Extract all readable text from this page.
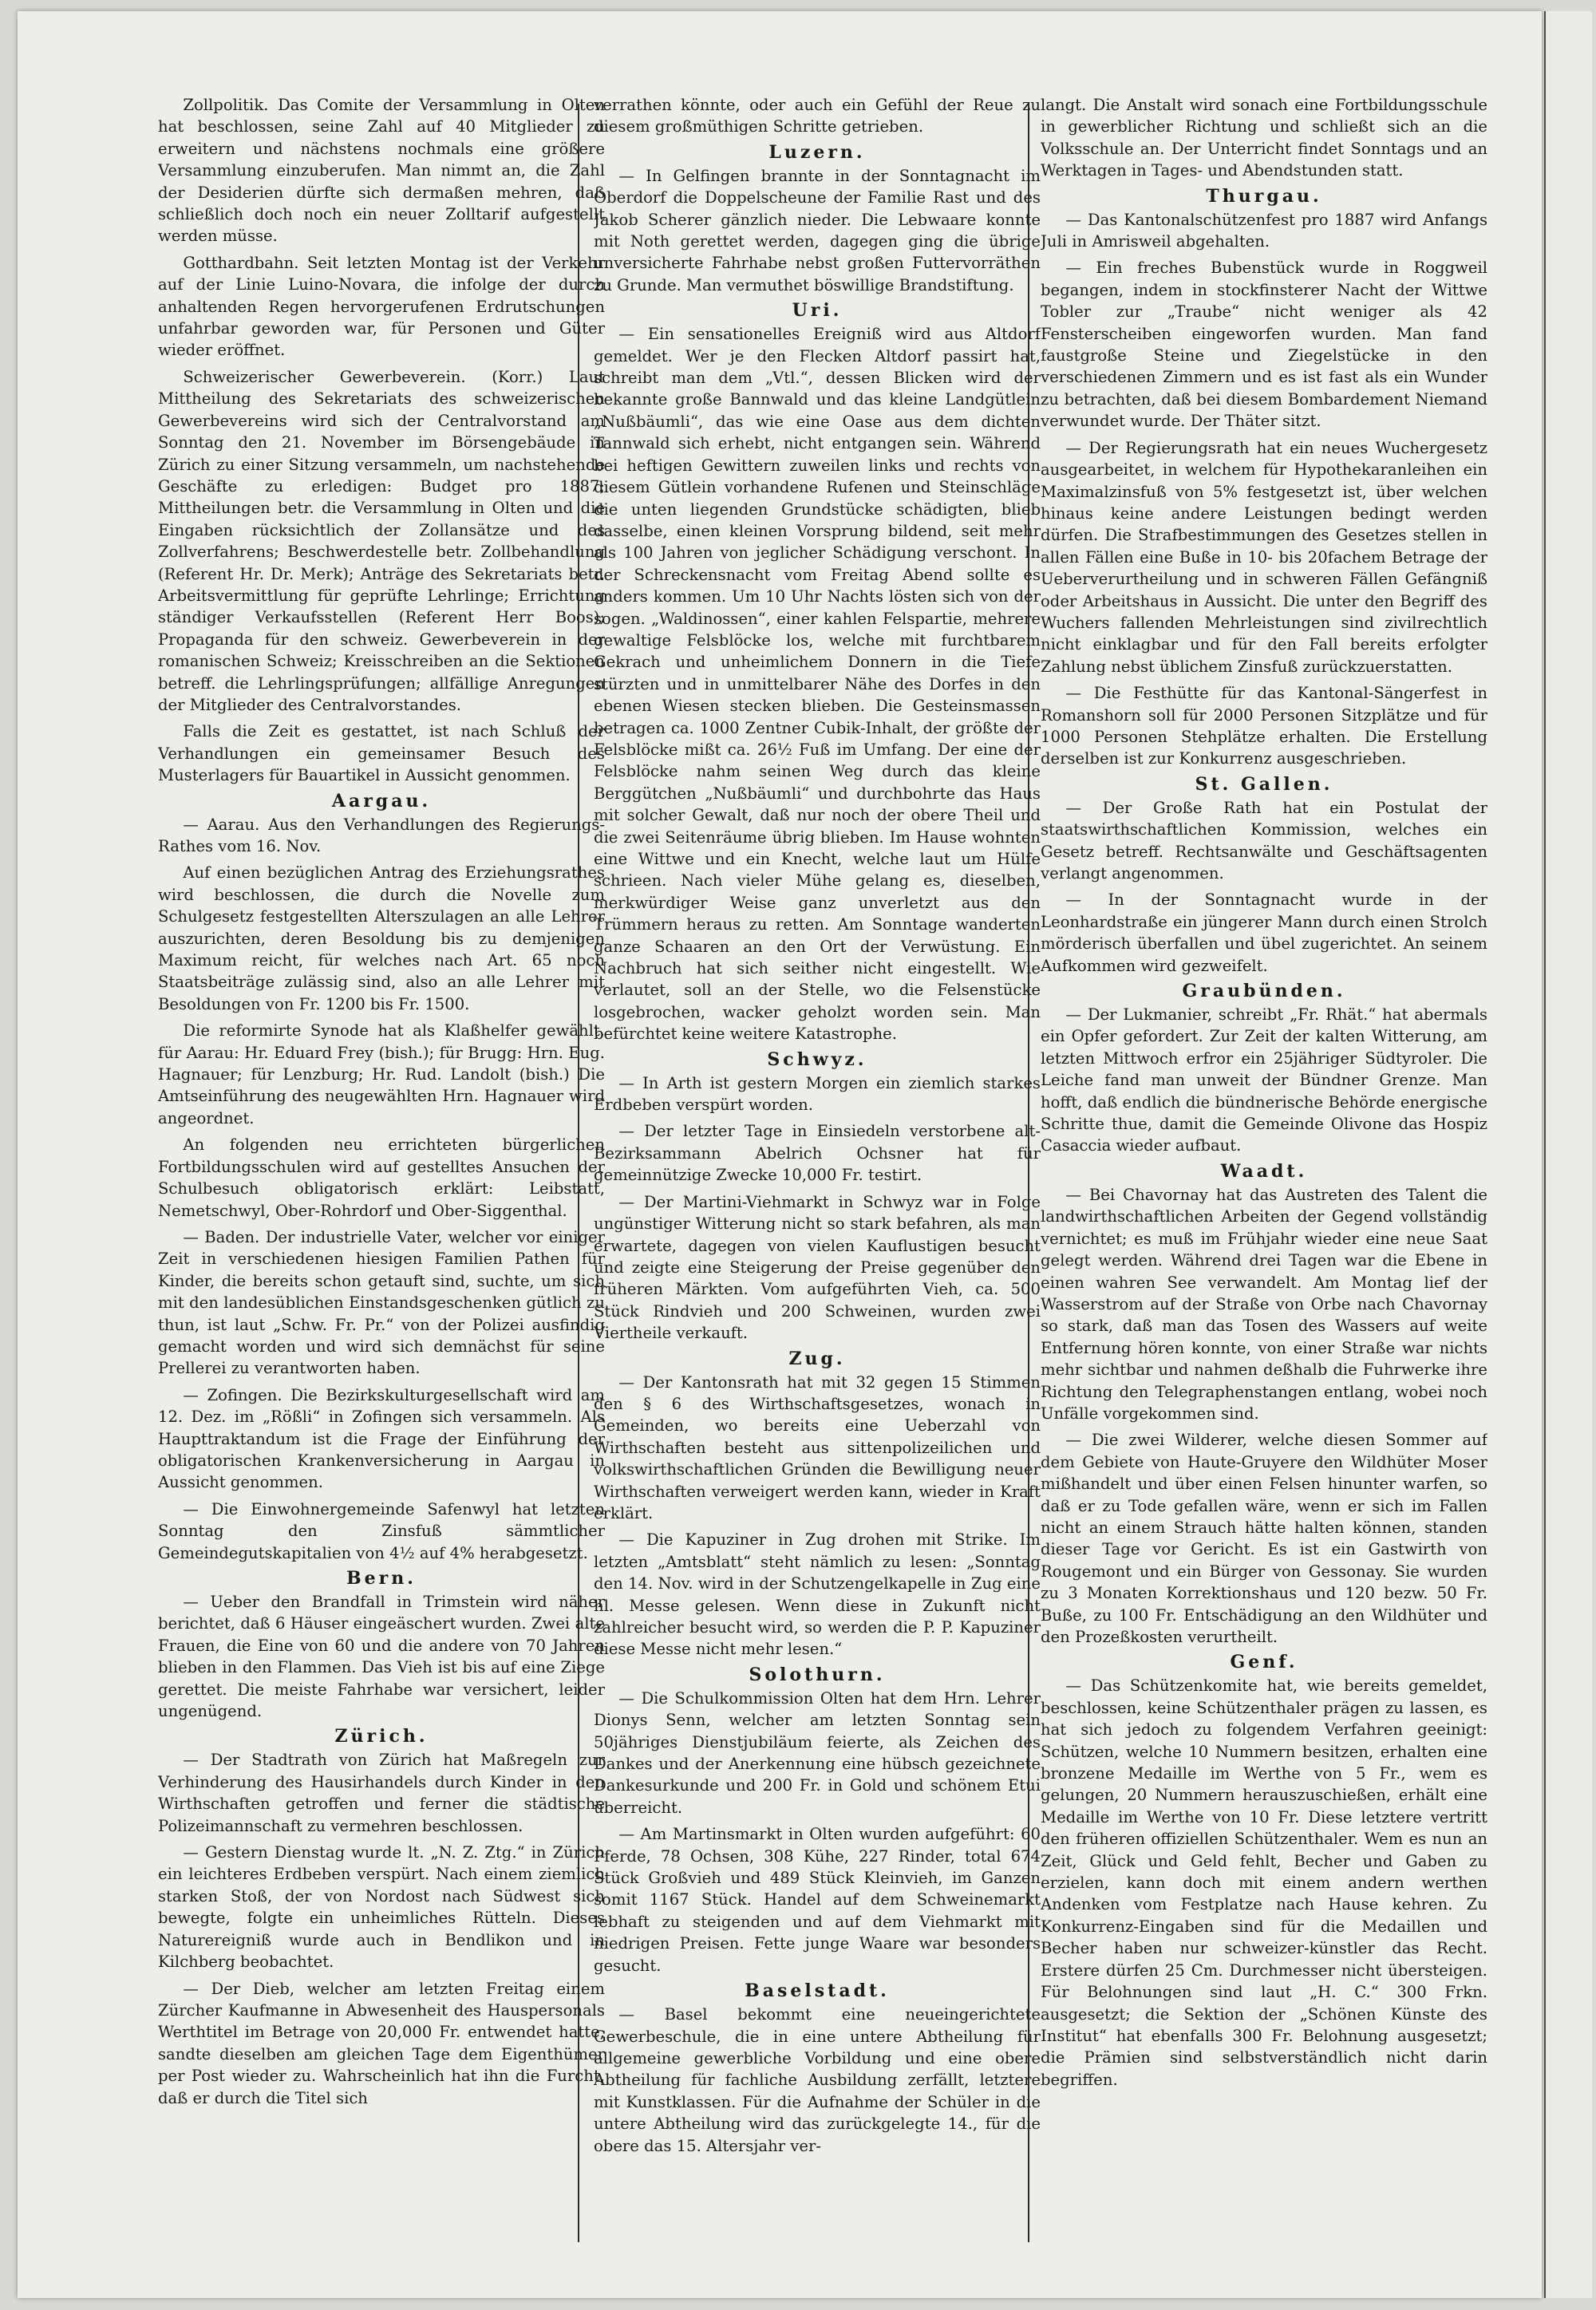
Zollpolitik. Das Comite der Versammlung in Olten hat beschlossen, seine Zahl auf 40 Mitglieder zu erweitern und nächstens nochmals eine größere Versammlung einzuberufen. Man nimmt an, die Zahl der Desiderien dürfte sich dermaßen mehren, daß schließlich doch noch ein neuer Zolltarif aufgestellt werden müsse.

Gotthardbahn. Seit letzten Montag ist der Verkehr auf der Linie Luino-Novara, die infolge der durch anhaltenden Regen hervorgerufenen Erdrutschungen unfahrbar geworden war, für Personen und Güter wieder eröffnet.

Schweizerischer Gewerbeverein. (Korr.) Laut Mittheilung des Sekretariats des schweizerischen Gewerbevereins wird sich der Centralvorstand am Sonntag den 21. November im Börsengebäude in Zürich zu einer Sitzung versammeln, um nachstehende Geschäfte zu erledigen: Budget pro 1887; Mittheilungen betr. die Versammlung in Olten und die Eingaben rücksichtlich der Zollansätze und des Zollverfahrens; Beschwerdestelle betr. Zollbehandlung (Referent Hr. Dr. Merk); Anträge des Sekretariats betr. Arbeitsvermittlung für geprüfte Lehrlinge; Errichtung ständiger Verkaufsstellen (Referent Herr Boos); Propaganda für den schweiz. Gewerbeverein in der romanischen Schweiz; Kreisschreiben an die Sektionen betreff. die Lehrlingsprüfungen; allfällige Anregungen der Mitglieder des Centralvorstandes.

Falls die Zeit es gestattet, ist nach Schluß der Verhandlungen ein gemeinsamer Besuch des Musterlagers für Bauartikel in Aussicht genommen.

Aargau.

— Aarau. Aus den Verhandlungen des Regierungs-Rathes vom 16. Nov.

Auf einen bezüglichen Antrag des Erziehungsrathes wird beschlossen, die durch die Novelle zum Schulgesetz festgestellten Alterszulagen an alle Lehrer auszurichten, deren Besoldung bis zu demjenigen Maximum reicht, für welches nach Art. 65 noch Staatsbeiträge zulässig sind, also an alle Lehrer mit Besoldungen von Fr. 1200 bis Fr. 1500.

Die reformirte Synode hat als Klaßhelfer gewählt, für Aarau: Hr. Eduard Frey (bish.); für Brugg: Hrn. Eug. Hagnauer; für Lenzburg; Hr. Rud. Landolt (bish.) Die Amtseinführung des neugewählten Hrn. Hagnauer wird angeordnet.

An folgenden neu errichteten bürgerlichen Fortbildungsschulen wird auf gestelltes Ansuchen der Schulbesuch obligatorisch erklärt: Leibstatt, Nemetschwyl, Ober-Rohrdorf und Ober-Siggenthal.

— Baden. Der industrielle Vater, welcher vor einiger Zeit in verschiedenen hiesigen Familien Pathen für Kinder, die bereits schon getauft sind, suchte, um sich mit den landesüblichen Einstandsgeschenken gütlich zu thun, ist laut „Schw. Fr. Pr.“ von der Polizei ausfindig gemacht worden und wird sich demnächst für seine Prellerei zu verantworten haben.

— Zofingen. Die Bezirkskulturgesellschaft wird am 12. Dez. im „Rößli“ in Zofingen sich versammeln. Als Haupttraktandum ist die Frage der Einführung der obligatorischen Krankenversicherung in Aargau in Aussicht genommen.

— Die Einwohnergemeinde Safenwyl hat letzten Sonntag den Zinsfuß sämmtlicher Gemeindegutskapitalien von 4½ auf 4% herabgesetzt.

Bern.

— Ueber den Brandfall in Trimstein wird näher berichtet, daß 6 Häuser eingeäschert wurden. Zwei alte Frauen, die Eine von 60 und die andere von 70 Jahren blieben in den Flammen. Das Vieh ist bis auf eine Ziege gerettet. Die meiste Fahrhabe war versichert, leider ungenügend.

Zürich.

— Der Stadtrath von Zürich hat Maßregeln zur Verhinderung des Hausirhandels durch Kinder in den Wirthschaften getroffen und ferner die städtische Polizeimannschaft zu vermehren beschlossen.

— Gestern Dienstag wurde lt. „N. Z. Ztg.“ in Zürich ein leichteres Erdbeben verspürt. Nach einem ziemlich starken Stoß, der von Nordost nach Südwest sich bewegte, folgte ein unheimliches Rütteln. Dieses Naturereigniß wurde auch in Bendlikon und in Kilchberg beobachtet.

— Der Dieb, welcher am letzten Freitag einem Zürcher Kaufmanne in Abwesenheit des Hauspersonals Werthtitel im Betrage von 20,000 Fr. entwendet hatte, sandte dieselben am gleichen Tage dem Eigenthümer per Post wieder zu. Wahrscheinlich hat ihn die Furcht, daß er durch die Titel sich

verrathen könnte, oder auch ein Gefühl der Reue zu diesem großmüthigen Schritte getrieben.

Luzern.

— In Gelfingen brannte in der Sonntagnacht im Oberdorf die Doppelscheune der Familie Rast und des Jakob Scherer gänzlich nieder. Die Lebwaare konnte mit Noth gerettet werden, dagegen ging die übrige unversicherte Fahrhabe nebst großen Futtervorräthen zu Grunde. Man vermuthet böswillige Brandstiftung.

Uri.

— Ein sensationelles Ereigniß wird aus Altdorf gemeldet. Wer je den Flecken Altdorf passirt hat, schreibt man dem „Vtl.“, dessen Blicken wird der bekannte große Bannwald und das kleine Landgütlein „Nußbäumli“, das wie eine Oase aus dem dichten Tannwald sich erhebt, nicht entgangen sein. Während bei heftigen Gewittern zuweilen links und rechts von diesem Gütlein vorhandene Rufenen und Steinschläge die unten liegenden Grundstücke schädigten, blieb dasselbe, einen kleinen Vorsprung bildend, seit mehr als 100 Jahren von jeglicher Schädigung verschont. In der Schreckensnacht vom Freitag Abend sollte es anders kommen. Um 10 Uhr Nachts lösten sich von der sogen. „Waldinossen“, einer kahlen Felspartie, mehrere gewaltige Felsblöcke los, welche mit furchtbarem Gekrach und unheimlichem Donnern in die Tiefe stürzten und in unmittelbarer Nähe des Dorfes in den ebenen Wiesen stecken blieben. Die Gesteinsmassen betragen ca. 1000 Zentner Cubik-Inhalt, der größte der Felsblöcke mißt ca. 26½ Fuß im Umfang. Der eine der Felsblöcke nahm seinen Weg durch das kleine Berggütchen „Nußbäumli“ und durchbohrte das Haus mit solcher Gewalt, daß nur noch der obere Theil und die zwei Seitenräume übrig blieben. Im Hause wohnten eine Wittwe und ein Knecht, welche laut um Hülfe schrieen. Nach vieler Mühe gelang es, dieselben, merkwürdiger Weise ganz unverletzt aus den Trümmern heraus zu retten. Am Sonntage wanderten ganze Schaaren an den Ort der Verwüstung. Ein Nachbruch hat sich seither nicht eingestellt. Wie verlautet, soll an der Stelle, wo die Felsenstücke losgebrochen, wacker geholzt worden sein. Man befürchtet keine weitere Katastrophe.

Schwyz.

— In Arth ist gestern Morgen ein ziemlich starkes Erdbeben verspürt worden.

— Der letzter Tage in Einsiedeln verstorbene alt-Bezirksammann Abelrich Ochsner hat für gemeinnützige Zwecke 10,000 Fr. testirt.

— Der Martini-Viehmarkt in Schwyz war in Folge ungünstiger Witterung nicht so stark befahren, als man erwartete, dagegen von vielen Kauflustigen besucht und zeigte eine Steigerung der Preise gegenüber den früheren Märkten. Vom aufgeführten Vieh, ca. 500 Stück Rindvieh und 200 Schweinen, wurden zwei Viertheile verkauft.

Zug.

— Der Kantonsrath hat mit 32 gegen 15 Stimmen den § 6 des Wirthschaftsgesetzes, wonach in Gemeinden, wo bereits eine Ueberzahl von Wirthschaften besteht aus sittenpolizeilichen und volkswirthschaftlichen Gründen die Bewilligung neuer Wirthschaften verweigert werden kann, wieder in Kraft erklärt.

— Die Kapuziner in Zug drohen mit Strike. Im letzten „Amtsblatt“ steht nämlich zu lesen: „Sonntag den 14. Nov. wird in der Schutzengelkapelle in Zug eine hl. Messe gelesen. Wenn diese in Zukunft nicht zahlreicher besucht wird, so werden die P. P. Kapuziner diese Messe nicht mehr lesen.“

Solothurn.

— Die Schulkommission Olten hat dem Hrn. Lehrer Dionys Senn, welcher am letzten Sonntag sein 50jähriges Dienstjubiläum feierte, als Zeichen des Dankes und der Anerkennung eine hübsch gezeichnete Dankesurkunde und 200 Fr. in Gold und schönem Etui überreicht.

— Am Martinsmarkt in Olten wurden aufgeführt: 60 Pferde, 78 Ochsen, 308 Kühe, 227 Rinder, total 674 Stück Großvieh und 489 Stück Kleinvieh, im Ganzen somit 1167 Stück. Handel auf dem Schweinemarkt lebhaft zu steigenden und auf dem Viehmarkt mit niedrigen Preisen. Fette junge Waare war besonders gesucht.

Baselstadt.

— Basel bekommt eine neueingerichtete Gewerbeschule, die in eine untere Abtheilung für allgemeine gewerbliche Vorbildung und eine obere Abtheilung für fachliche Ausbildung zerfällt, letztere mit Kunstklassen. Für die Aufnahme der Schüler in die untere Abtheilung wird das zurückgelegte 14., für die obere das 15. Altersjahr ver-

langt. Die Anstalt wird sonach eine Fortbildungsschule in gewerblicher Richtung und schließt sich an die Volksschule an. Der Unterricht findet Sonntags und an Werktagen in Tages- und Abendstunden statt.

Thurgau.

— Das Kantonalschützenfest pro 1887 wird Anfangs Juli in Amrisweil abgehalten.

— Ein freches Bubenstück wurde in Roggweil begangen, indem in stockfinsterer Nacht der Wittwe Tobler zur „Traube“ nicht weniger als 42 Fensterscheiben eingeworfen wurden. Man fand faustgroße Steine und Ziegelstücke in den verschiedenen Zimmern und es ist fast als ein Wunder zu betrachten, daß bei diesem Bombardement Niemand verwundet wurde. Der Thäter sitzt.

— Der Regierungsrath hat ein neues Wuchergesetz ausgearbeitet, in welchem für Hypothekaranleihen ein Maximalzinsfuß von 5% festgesetzt ist, über welchen hinaus keine andere Leistungen bedingt werden dürfen. Die Strafbestimmungen des Gesetzes stellen in allen Fällen eine Buße in 10- bis 20fachem Betrage der Ueberverurtheilung und in schweren Fällen Gefängniß oder Arbeitshaus in Aussicht. Die unter den Begriff des Wuchers fallenden Mehrleistungen sind zivilrechtlich nicht einklagbar und für den Fall bereits erfolgter Zahlung nebst üblichem Zinsfuß zurückzuerstatten.

— Die Festhütte für das Kantonal-Sängerfest in Romanshorn soll für 2000 Personen Sitzplätze und für 1000 Personen Stehplätze erhalten. Die Erstellung derselben ist zur Konkurrenz ausgeschrieben.

St. Gallen.

— Der Große Rath hat ein Postulat der staatswirthschaftlichen Kommission, welches ein Gesetz betreff. Rechtsanwälte und Geschäftsagenten verlangt angenommen.

— In der Sonntagnacht wurde in der Leonhardstraße ein jüngerer Mann durch einen Strolch mörderisch überfallen und übel zugerichtet. An seinem Aufkommen wird gezweifelt.

Graubünden.

— Der Lukmanier, schreibt „Fr. Rhät.“ hat abermals ein Opfer gefordert. Zur Zeit der kalten Witterung, am letzten Mittwoch erfror ein 25jähriger Südtyroler. Die Leiche fand man unweit der Bündner Grenze. Man hofft, daß endlich die bündnerische Behörde energische Schritte thue, damit die Gemeinde Olivone das Hospiz Casaccia wieder aufbaut.

Waadt.

— Bei Chavornay hat das Austreten des Talent die landwirthschaftlichen Arbeiten der Gegend vollständig vernichtet; es muß im Frühjahr wieder eine neue Saat gelegt werden. Während drei Tagen war die Ebene in einen wahren See verwandelt. Am Montag lief der Wasserstrom auf der Straße von Orbe nach Chavornay so stark, daß man das Tosen des Wassers auf weite Entfernung hören konnte, von einer Straße war nichts mehr sichtbar und nahmen deßhalb die Fuhrwerke ihre Richtung den Telegraphenstangen entlang, wobei noch Unfälle vorgekommen sind.

— Die zwei Wilderer, welche diesen Sommer auf dem Gebiete von Haute-Gruyere den Wildhüter Moser mißhandelt und über einen Felsen hinunter warfen, so daß er zu Tode gefallen wäre, wenn er sich im Fallen nicht an einem Strauch hätte halten können, standen dieser Tage vor Gericht. Es ist ein Gastwirth von Rougemont und ein Bürger von Gessonay. Sie wurden zu 3 Monaten Korrektionshaus und 120 bezw. 50 Fr. Buße, zu 100 Fr. Entschädigung an den Wildhüter und den Prozeßkosten verurtheilt.

Genf.

— Das Schützenkomite hat, wie bereits gemeldet, beschlossen, keine Schützenthaler prägen zu lassen, es hat sich jedoch zu folgendem Verfahren geeinigt: Schützen, welche 10 Nummern besitzen, erhalten eine bronzene Medaille im Werthe von 5 Fr., wem es gelungen, 20 Nummern herauszuschießen, erhält eine Medaille im Werthe von 10 Fr. Diese letztere vertritt den früheren offiziellen Schützenthaler. Wem es nun an Zeit, Glück und Geld fehlt, Becher und Gaben zu erzielen, kann doch mit einem andern werthen Andenken vom Festplatze nach Hause kehren. Zu Konkurrenz-Eingaben sind für die Medaillen und Becher haben nur schweizer-künstler das Recht. Erstere dürfen 25 Cm. Durchmesser nicht übersteigen. Für Belohnungen sind laut „H. C.“ 300 Frkn. ausgesetzt; die Sektion der „Schönen Künste des Institut“ hat ebenfalls 300 Fr. Belohnung ausgesetzt; die Prämien sind selbstverständlich nicht darin begriffen.
